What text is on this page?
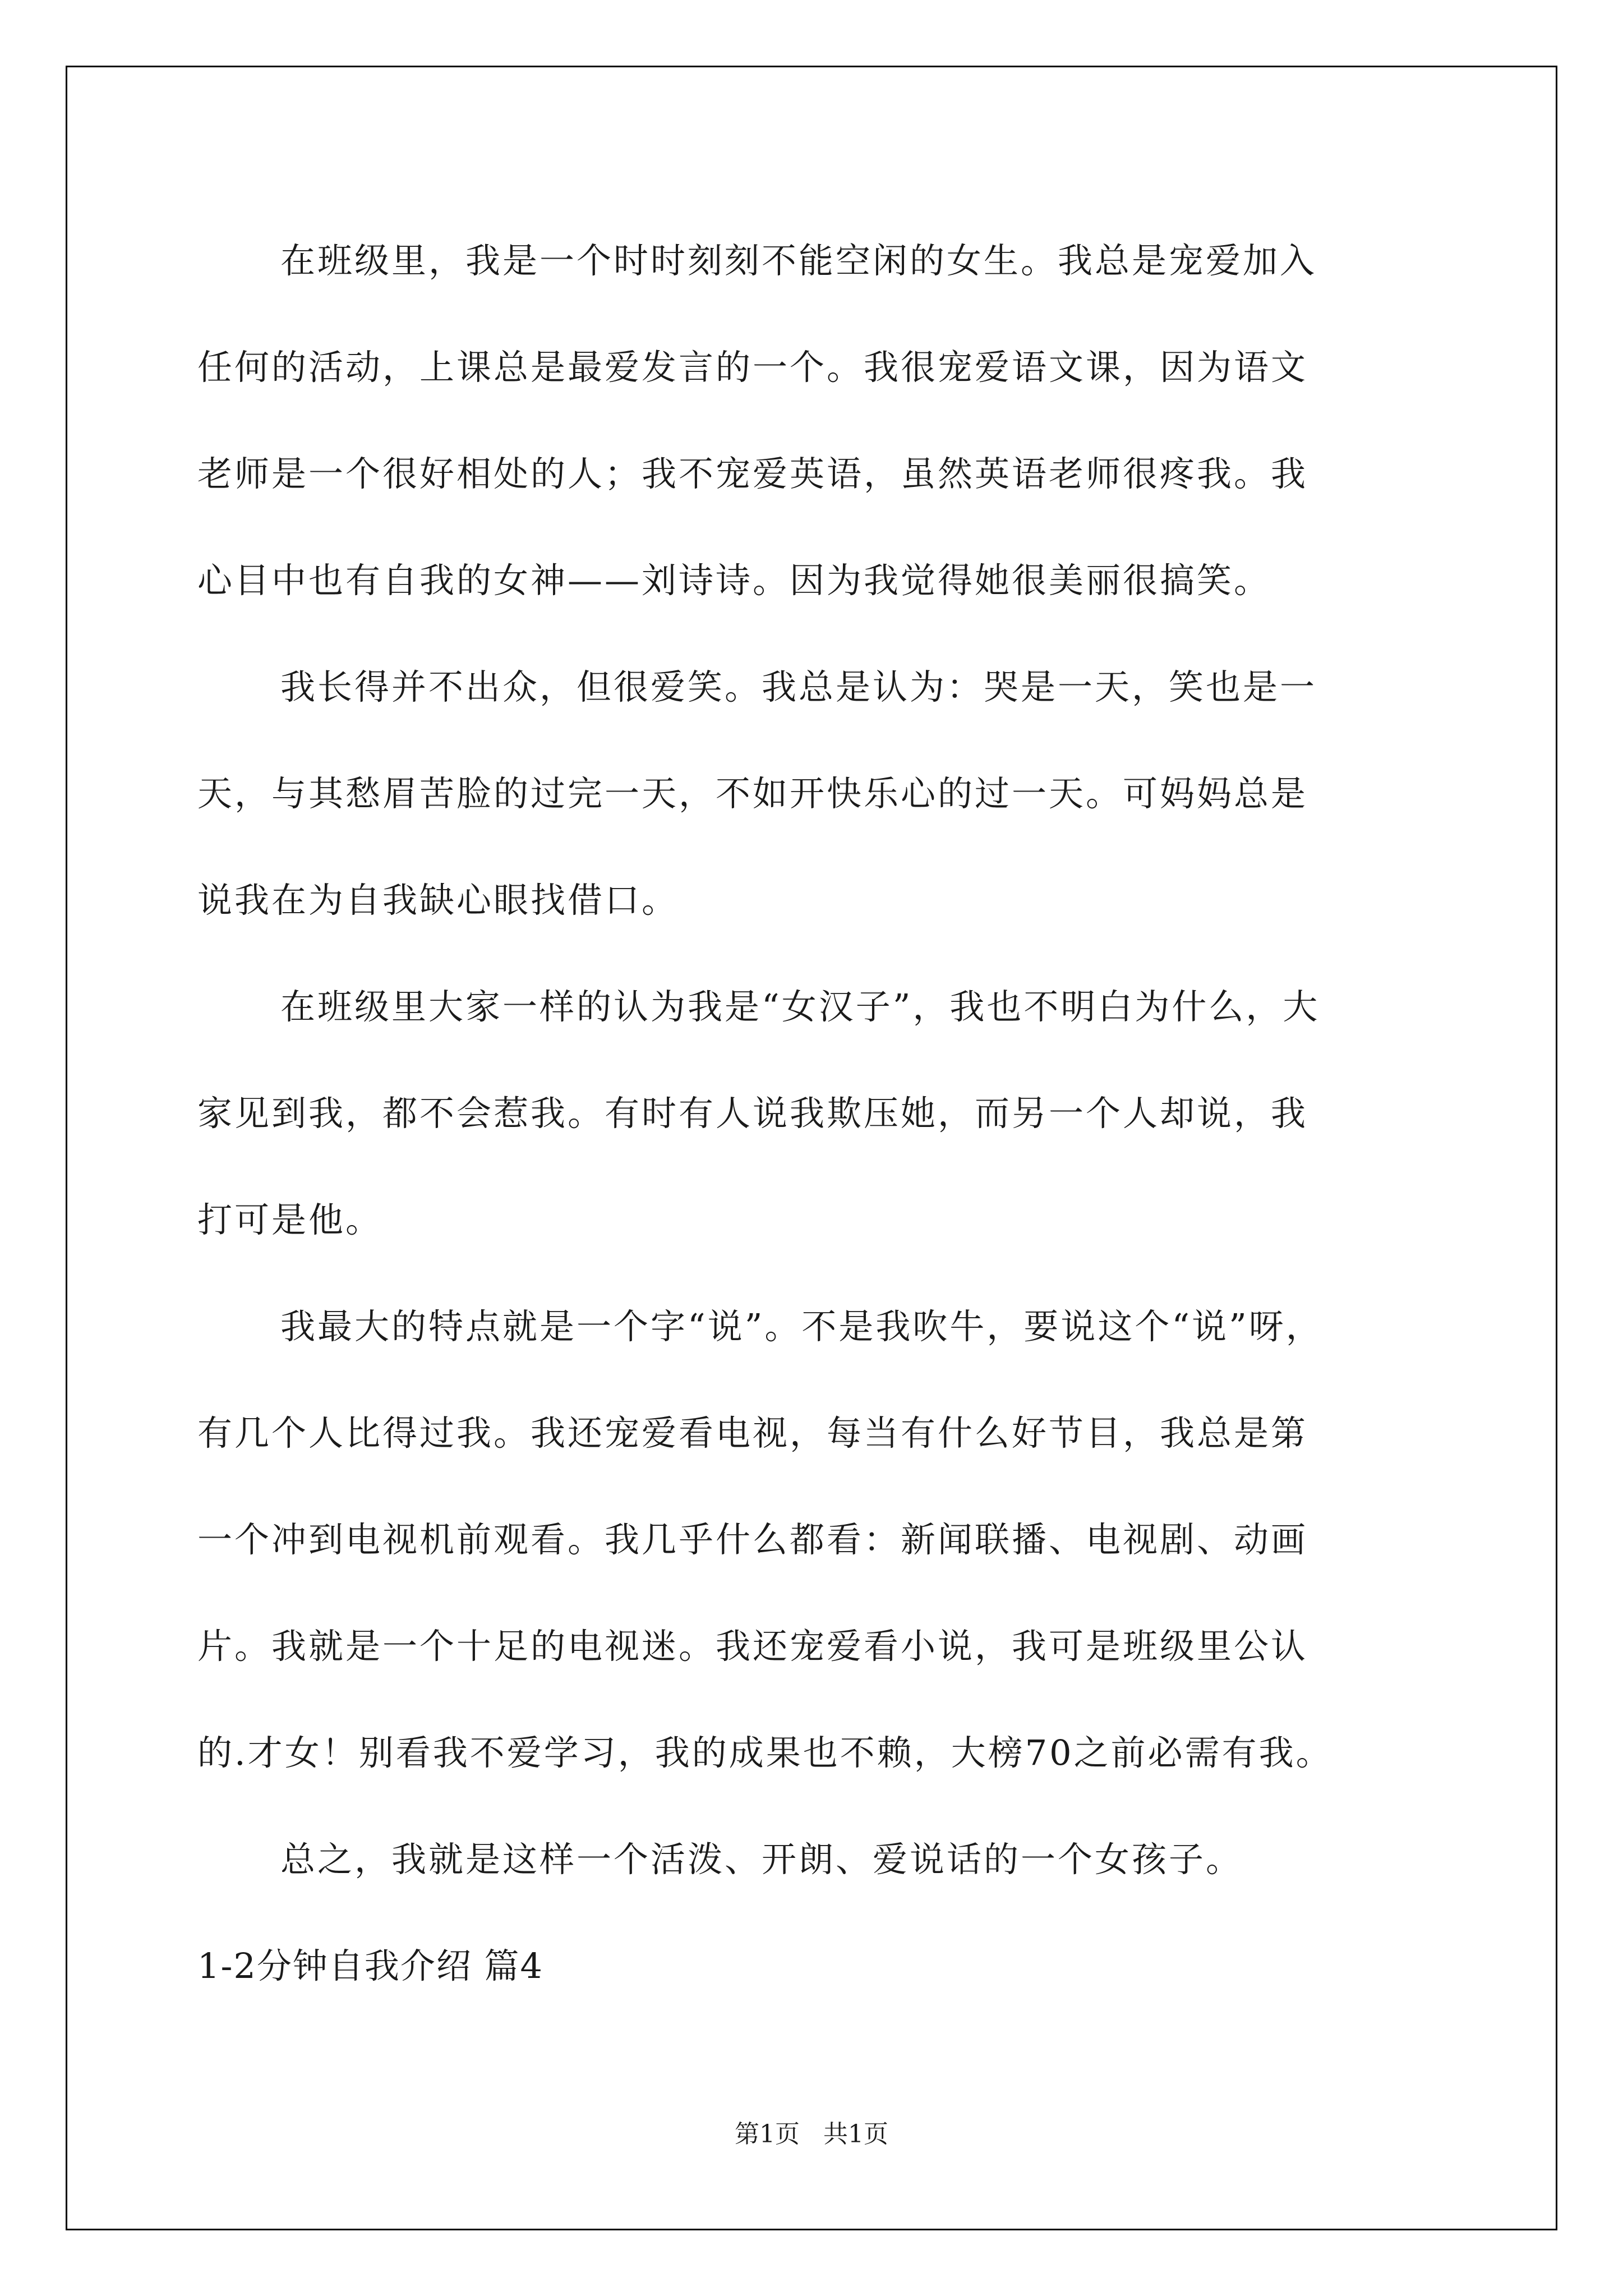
在班级里，我是一个时时刻刻不能空闲的女生。我总是宠爱加入
任何的活动，上课总是最爱发言的一个。我很宠爱语文课，因为语文
老师是一个很好相处的人；我不宠爱英语，虽然英语老师很疼我。我
心目中也有自我的女神——刘诗诗。因为我觉得她很美丽很搞笑。
我长得并不出众，但很爱笑。我总是认为：哭是一天，笑也是一
天，与其愁眉苦脸的过完一天，不如开快乐心的过一天。可妈妈总是
说我在为自我缺心眼找借口。
在班级里大家一样的认为我是“女汉子”，我也不明白为什么，大
家见到我，都不会惹我。有时有人说我欺压她，而另一个人却说，我
打可是他。
我最大的特点就是一个字“说”。不是我吹牛，要说这个“说”呀，
有几个人比得过我。我还宠爱看电视，每当有什么好节目，我总是第
一个冲到电视机前观看。我几乎什么都看：新闻联播、电视剧、动画
片。我就是一个十足的电视迷。我还宠爱看小说，我可是班级里公认
的.才女！别看我不爱学习，我的成果也不赖，大榜70之前必需有我。
总之，我就是这样一个活泼、开朗、爱说话的一个女孩子。
1-2分钟自我介绍 篇4
第1页   共1页
